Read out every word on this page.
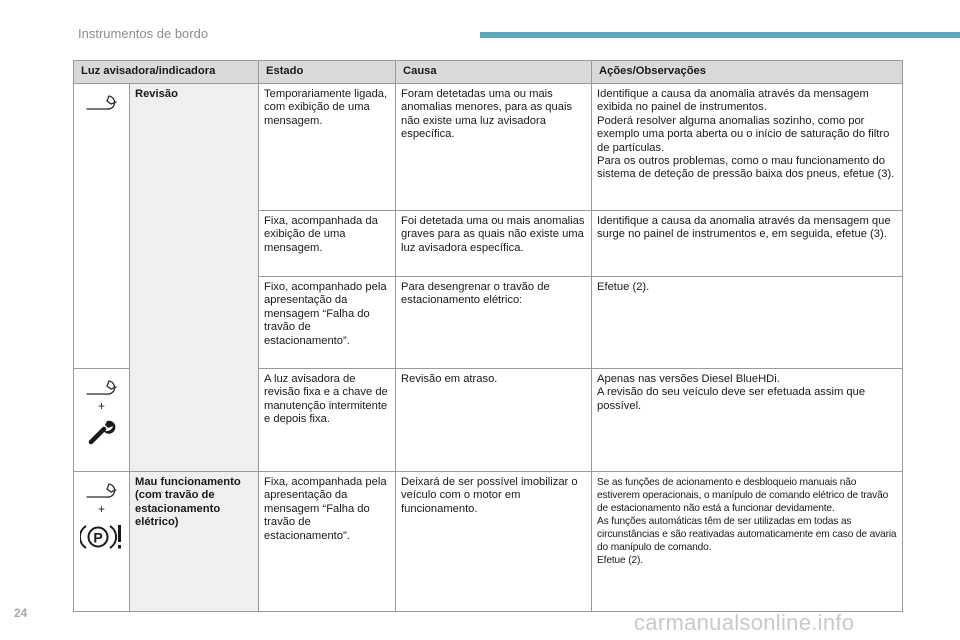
Instrumentos de bordo
Luz avisadora/indicadora		Estado	Causa	Ações/Observações

	Revisão	Temporariamente ligada, com exibição de uma mensagem.	Foram detetadas uma ou mais anomalias menores, para as quais não existe uma luz avisadora específica.	Identifique a causa da anomalia através da mensagem exibida no painel de instrumentos.
Poderá resolver alguma anomalias sozinho, como por exemplo uma porta aberta ou o início de saturação do filtro de partículas.
Para os outros problemas, como o mau funcionamento do sistema de deteção de pressão baixa dos pneus, efetue (3).
		Fixa, acompanhada da exibição de uma mensagem.	Foi detetada uma ou mais anomalias graves para as quais não existe uma luz avisadora específica.	Identifique a causa da anomalia através da mensagem que surge no painel de instrumentos e, em seguida, efetue (3).
		Fixo, acompanhado pela apresentação da mensagem “Falha do travão de estacionamento”.	Para desengrenar o travão de estacionamento elétrico:	Efetue (2).

+		A luz avisadora de revisão fixa e a chave de manutenção intermitente e depois fixa.	Revisão em atraso.	Apenas nas versões Diesel BlueHDi.
A revisão do seu veículo deve ser efetuada assim que possível.

+
P	Mau funcionamento (com travão de estacionamento elétrico)	Fixa, acompanhada pela apresentação da mensagem “Falha do travão de estacionamento”.	Deixará de ser possível imobilizar o veículo com o motor em funcionamento.	Se as funções de acionamento e desbloqueio manuais não estiverem operacionais, o manípulo de comando elétrico de travão de estacionamento não está a funcionar devidamente.
As funções automáticas têm de ser utilizadas em todas as circunstâncias e são reativadas automaticamente em caso de avaria do manípulo de comando.
Efetue (2).
24	carmanualsonline.info
